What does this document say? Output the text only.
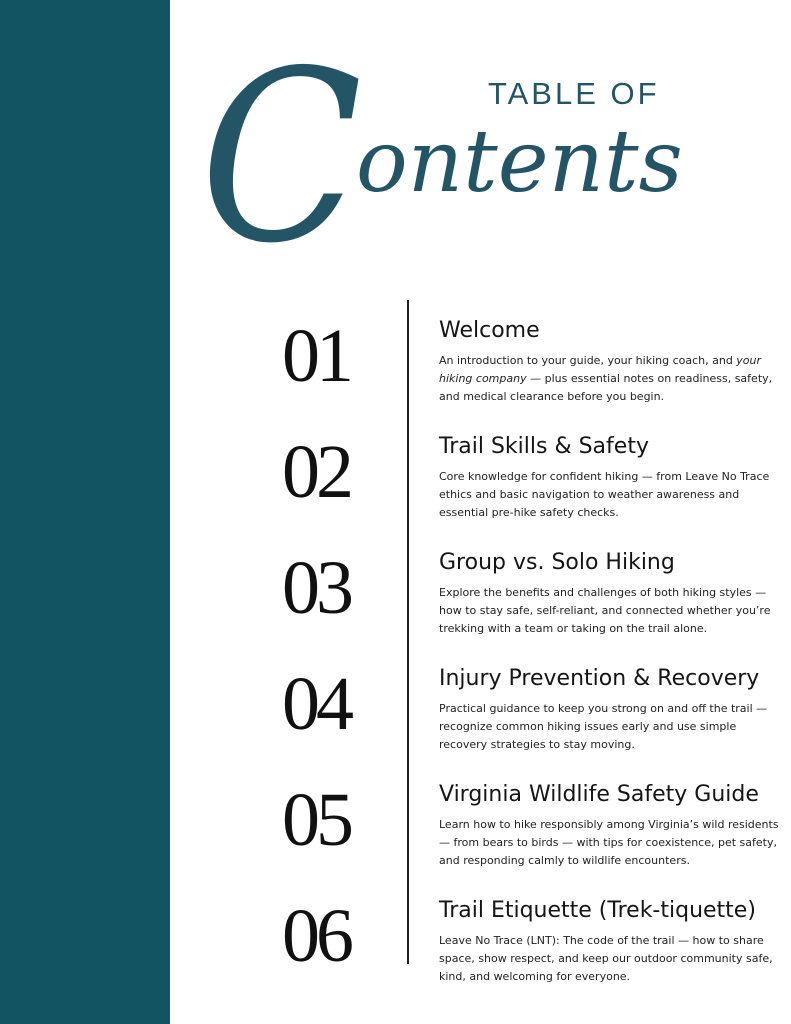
C	TABLE OF
ontents
01	Welcome

An introduction to your guide, your hiking coach, and your hiking company — plus essential notes on readiness, safety, and medical clearance before you begin.

02	Trail Skills & Safety

Core knowledge for confident hiking — from Leave No Trace ethics and basic navigation to weather awareness and essential pre-hike safety checks.

03	Group vs. Solo Hiking

Explore the benefits and challenges of both hiking styles — how to stay safe, self-reliant, and connected whether you’re trekking with a team or taking on the trail alone.

04	Injury Prevention & Recovery

Practical guidance to keep you strong on and off the trail — recognize common hiking issues early and use simple recovery strategies to stay moving.

05	Virginia Wildlife Safety Guide

Learn how to hike responsibly among Virginia’s wild residents — from bears to birds — with tips for coexistence, pet safety, and responding calmly to wildlife encounters.

06	Trail Etiquette (Trek-tiquette)

Leave No Trace (LNT): The code of the trail — how to share space, show respect, and keep our outdoor community safe, kind, and welcoming for everyone.
